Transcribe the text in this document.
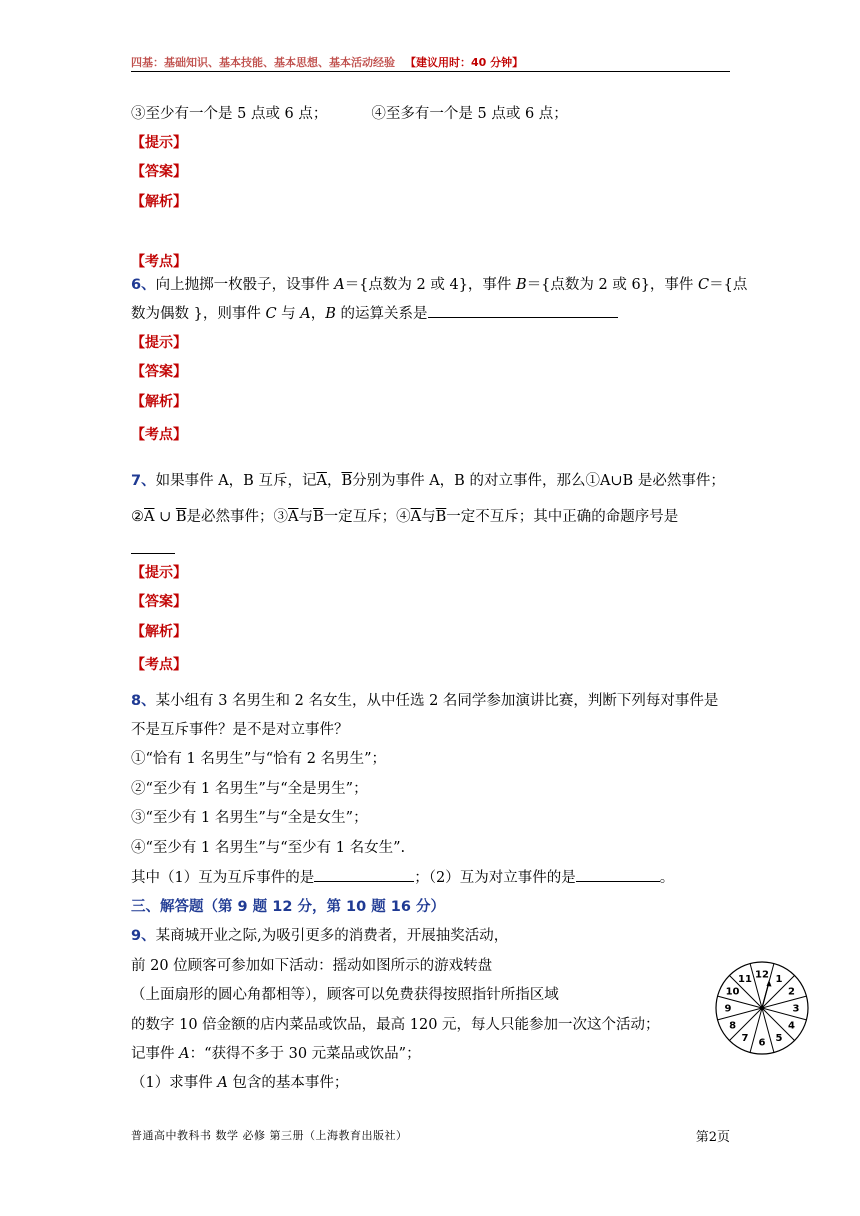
四基：基础知识、基本技能、基本思想、基本活动经验 【建议用时：40 分钟】
③至少有一个是 5 点或 6 点；	④至多有一个是 5 点或 6 点；
【提示】
【答案】
【解析】
【考点】
6、向上抛掷一枚骰子，设事件 A＝{点数为 2 或 4}，事件 B＝{点数为 2 或 6}，事件 C＝{点
数为偶数 }，则事件 C 与 A，B 的运算关系是
【提示】
【答案】
【解析】
【考点】
7、如果事件 A，B 互斥，记$\overline{A}$，$\overline{B}$分别为事件 A，B 的对立事件，那么①A∪B 是必然事件；
$②\overline{A}$ ∪ $\overline{B}$是必然事件；$③\overline{A}$与$\overline{B}$一定互斥；$④\overline{A}$与$\overline{B}$一定不互斥；其中正确的命题序号是
【提示】
【答案】
【解析】
【考点】
8、某小组有 3 名男生和 2 名女生，从中任选 2 名同学参加演讲比赛，判断下列每对事件是
不是互斥事件？是不是对立事件？
①“恰有 1 名男生”与“恰有 2 名男生”；
②“至少有 1 名男生”与“全是男生”；
③“至少有 1 名男生”与“全是女生”；
④“至少有 1 名男生”与“至少有 1 名女生”.
其中（1）互为互斥事件的是	；（2）互为对立事件的是	。
三、解答题（第 9 题 12 分，第 10 题 16 分）
9、某商城开业之际,为吸引更多的消费者，开展抽奖活动，
前 20 位顾客可参加如下活动：摇动如图所示的游戏转盘
（上面扇形的圆心角都相等），顾客可以免费获得按照指针所指区域
的数字 10 倍金额的店内菜品或饮品，最高 120 元，每人只能参加一次这个活动；
记事件 A：“获得不多于 30 元菜品或饮品”；
（1）求事件 A 包含的基本事件；
12 1
2
3
4
5
6
7
8
9
10
11
普通高中教科书 数学 必修 第三册（上海教育出版社）	第2页
